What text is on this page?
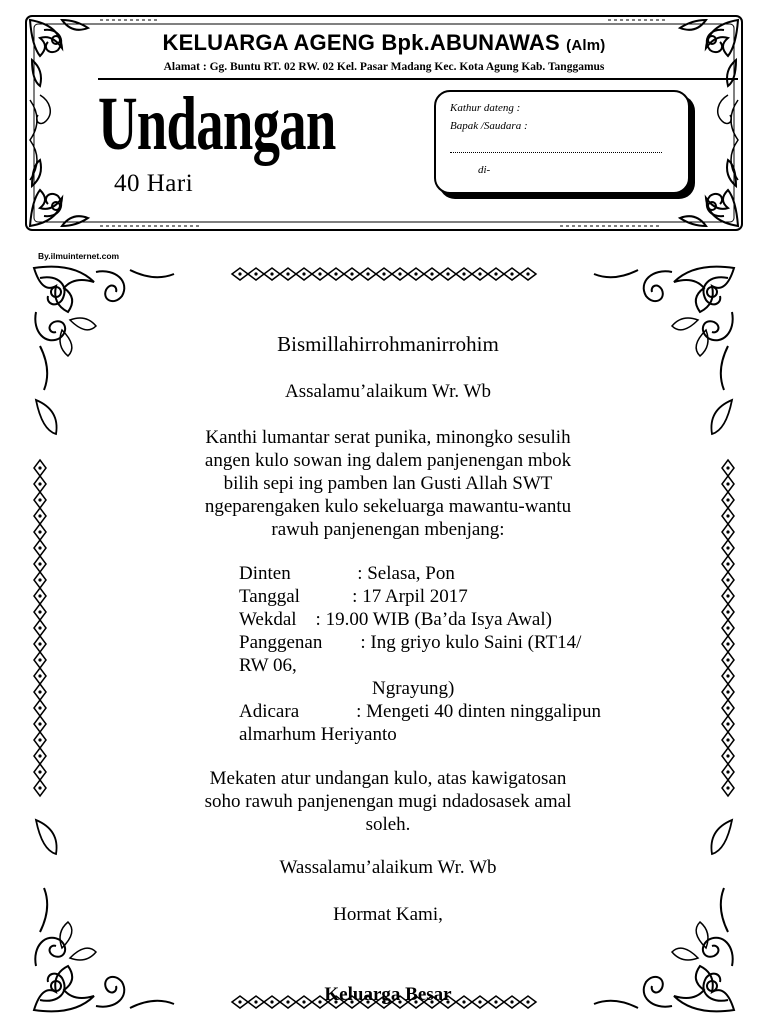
KELUARGA AGENG Bpk.ABUNAWAS (Alm)
Alamat : Gg. Buntu RT. 02 RW. 02 Kel. Pasar Madang Kec. Kota Agung Kab. Tanggamus
Undangan
40 Hari
Kathur dateng :
Bapak /Saudara :
di-
By.ilmuinternet.com
Bismillahirrohmanirrohim
Assalamu’alaikum Wr. Wb
Kanthi lumantar serat punika, minongko sesulih
angen kulo sowan ing dalem panjenengan mbok
bilih sepi ing pamben lan Gusti Allah SWT
ngeparengaken kulo sekeluarga mawantu-wantu
rawuh panjenengan mbenjang:
Dinten              : Selasa, Pon
Tanggal           : 17 Arpil 2017
Wekdal    : 19.00 WIB (Ba’da Isya Awal)
Panggenan        : Ing griyo kulo Saini (RT14/
RW 06,
Ngrayung)
Adicara            : Mengeti 40 dinten ninggalipun
almarhum Heriyanto
Mekaten atur undangan kulo, atas kawigatosan
soho rawuh panjenengan mugi ndadosasek amal
soleh.
Wassalamu’alaikum Wr. Wb
Hormat Kami,
Keluarga Besar
